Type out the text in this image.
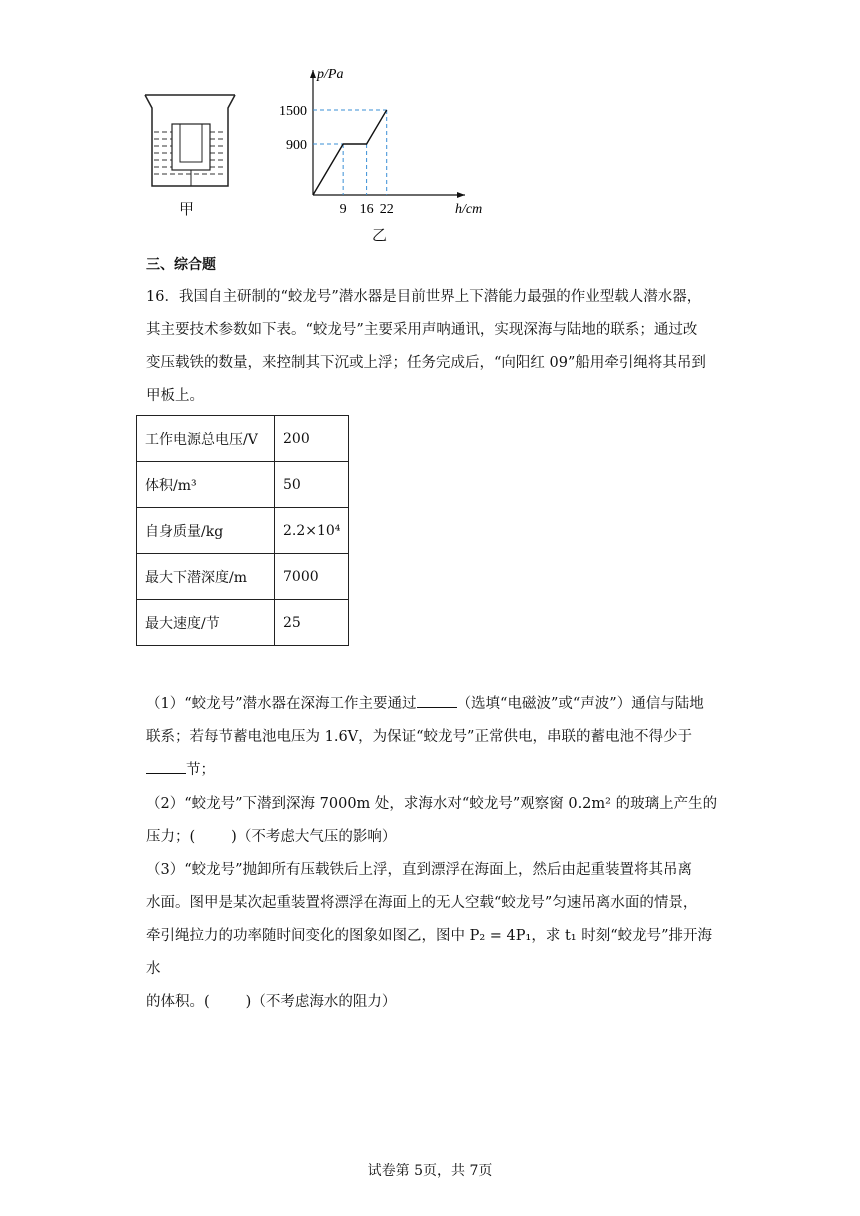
甲
p/Pa
h/cm
1500
900
9 16 22
乙
三、综合题
16．我国自主研制的“蛟龙号”潜水器是目前世界上下潜能力最强的作业型载人潜水器，
其主要技术参数如下表。“蛟龙号”主要采用声呐通讯，实现深海与陆地的联系；通过改
变压载铁的数量，来控制其下沉或上浮；任务完成后，“向阳红 09”船用牵引绳将其吊到
甲板上。
工作电源总电压/V	200
体积/m³	50
自身质量/kg	2.2×10⁴
最大下潜深度/m	7000
最大速度/节	25
（1）“蛟龙号”潜水器在深海工作主要通过	（选填“电磁波”或“声波”）通信与陆地
联系；若每节蓄电池电压为 1.6V，为保证“蛟龙号”正常供电，串联的蓄电池不得少于
节；
（2）“蛟龙号”下潜到深海 7000m 处，求海水对“蛟龙号”观察窗 0.2m² 的玻璃上产生的
压力；( )（不考虑大气压的影响）
（3）“蛟龙号”抛卸所有压载铁后上浮，直到漂浮在海面上，然后由起重装置将其吊离
水面。图甲是某次起重装置将漂浮在海面上的无人空载“蛟龙号”匀速吊离水面的情景，
牵引绳拉力的功率随时间变化的图象如图乙，图中 P₂ = 4P₁，求 t₁ 时刻“蛟龙号”排开海水
的体积。( )（不考虑海水的阻力）
试卷第 5页，共 7页
